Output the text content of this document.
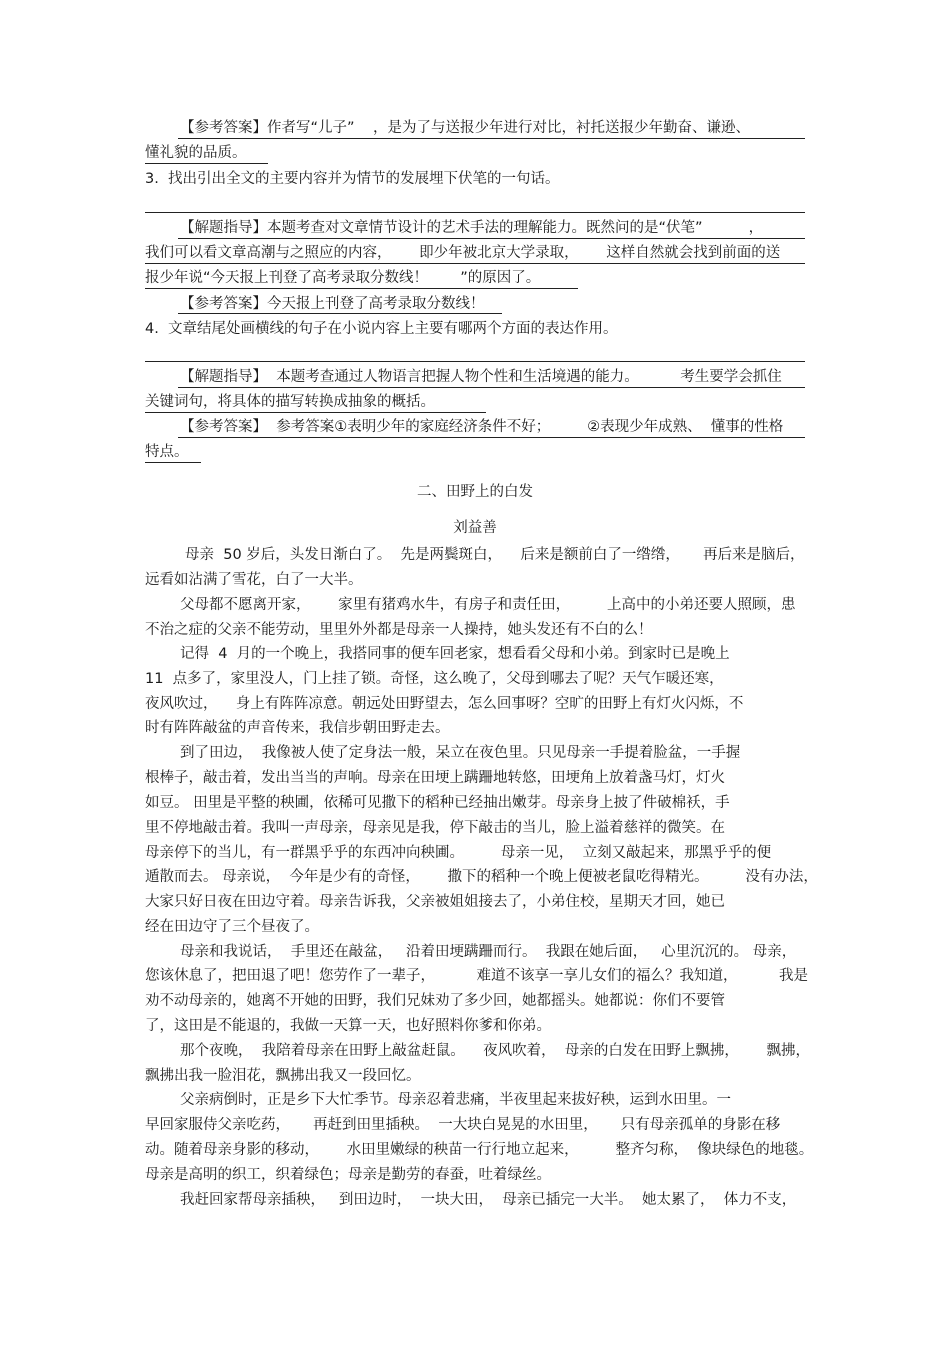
【参考答案】作者写“儿子”    ，是为了与送报少年进行对比，衬托送报少年勤奋、谦逊、

懂礼貌的品质。

3.  找出引出全文的主要内容并为情节的发展埋下伏笔的一句话。

【解题指导】本题考查对文章情节设计的艺术手法的理解能力。既然问的是“伏笔”          ，

我们可以看文章高潮与之照应的内容，      即少年被北京大学录取，      这样自然就会找到前面的送

报少年说“今天报上刊登了高考录取分数线！       ”的原因了。

【参考答案】今天报上刊登了高考录取分数线！

4.  文章结尾处画横线的句子在小说内容上主要有哪两个方面的表达作用。

【解题指导】  本题考查通过人物语言把握人物个性和生活境遇的能力。         考生要学会抓住

关键词句，将具体的描写转换成抽象的概括。

【参考答案】  参考答案①表明少年的家庭经济条件不好；        ②表现少年成熟、  懂事的性格

特点。

二、田野上的白发

刘益善

母亲  50 岁后，头发日渐白了。  先是两鬓斑白，    后来是额前白了一绺绺，     再后来是脑后，

远看如沾满了雪花，白了一大半。

父母都不愿离开家，      家里有猪鸡水牛，有房子和责任田，        上高中的小弟还要人照顾，患

不治之症的父亲不能劳动，里里外外都是母亲一人操持，她头发还有不白的么！

记得  4  月的一个晚上，我搭同事的便车回老家，想看看父母和小弟。到家时已是晚上

11  点多了，家里没人，门上挂了锁。奇怪，这么晚了，父母到哪去了呢？天气乍暖还寒，

夜风吹过，    身上有阵阵凉意。朝远处田野望去，怎么回事呀？空旷的田野上有灯火闪烁，不

时有阵阵敲盆的声音传来，我信步朝田野走去。

到了田边，  我像被人使了定身法一般，呆立在夜色里。只见母亲一手提着脸盆，一手握

根棒子，敲击着，发出当当的声响。母亲在田埂上蹒跚地转悠，田埂角上放着盏马灯，灯火

如豆。 田里是平整的秧圃，依稀可见撒下的稻种已经抽出嫩芽。母亲身上披了件破棉袄，手

里不停地敲击着。我叫一声母亲，母亲见是我，停下敲击的当儿，脸上溢着慈祥的微笑。在

母亲停下的当儿，有一群黑乎乎的东西冲向秧圃。        母亲一见，  立刻又敲起来，那黑乎乎的便

遁散而去。 母亲说，  今年是少有的奇怪，      撒下的稻种一个晚上便被老鼠吃得精光。        没有办法，

大家只好日夜在田边守着。母亲告诉我，父亲被姐姐接去了，小弟住校，星期天才回，她已

经在田边守了三个昼夜了。

母亲和我说话，  手里还在敲盆，   沿着田埂蹒跚而行。  我跟在她后面，   心里沉沉的。 母亲，

您该休息了，把田退了吧！您劳作了一辈子，         难道不该享一享儿女们的福么？我知道，         我是

劝不动母亲的，她离不开她的田野，我们兄妹劝了多少回，她都摇头。她都说：你们不要管

了，这田是不能退的，我做一天算一天，也好照料你爹和你弟。

那个夜晚，  我陪着母亲在田野上敲盆赶鼠。    夜风吹着，  母亲的白发在田野上飘拂，      飘拂，

飘拂出我一脸泪花，飘拂出我又一段回忆。

父亲病倒时，正是乡下大忙季节。母亲忍着悲痛，半夜里起来拔好秧，运到水田里。一

早回家服侍父亲吃药，     再赶到田里插秧。  一大块白晃晃的水田里，     只有母亲孤单的身影在移

动。随着母亲身影的移动，      水田里嫩绿的秧苗一行行地立起来，        整齐匀称，  像块绿色的地毯。

母亲是高明的织工，织着绿色；母亲是勤劳的春蚕，吐着绿丝。

我赶回家帮母亲插秧，   到田边时，  一块大田，  母亲已插完一大半。  她太累了，  体力不支，
